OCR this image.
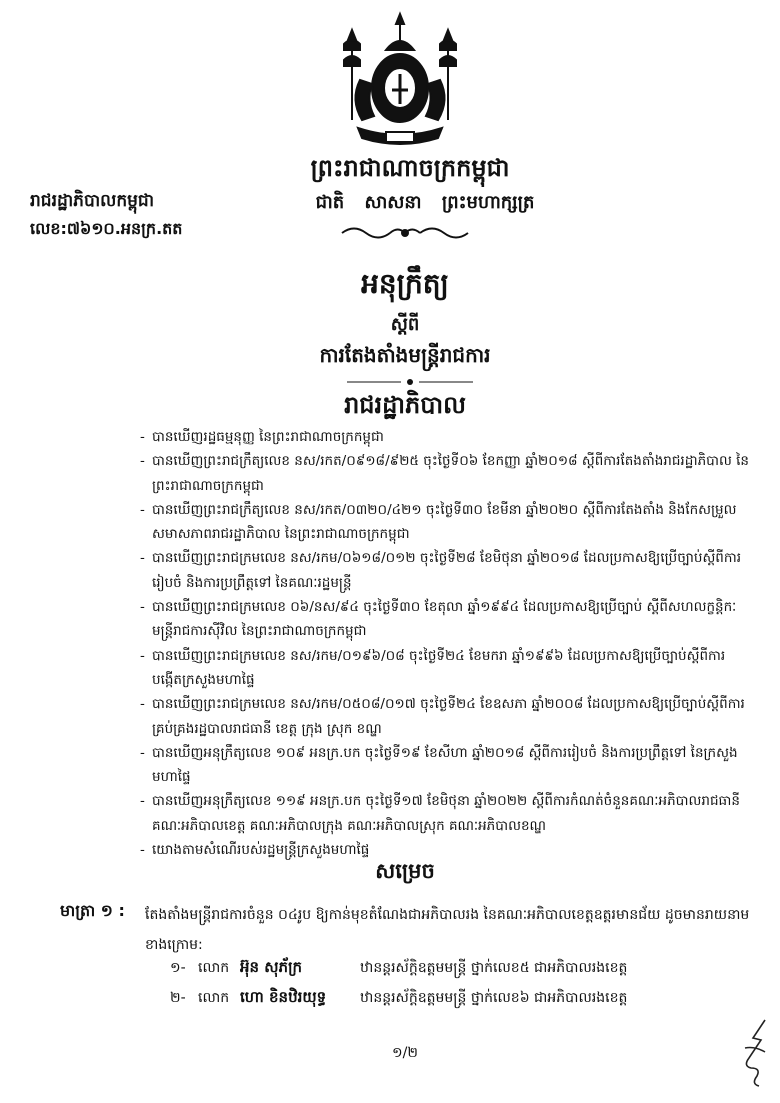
ព្រះរាជាណាចក្រកម្ពុជា
ជាតិ សាសនា ព្រះមហាក្សត្រ
រាជរដ្ឋាភិបាលកម្ពុជា
លេខ:៧៦១០.អនក្រ.តត
អនុក្រឹត្យ
ស្តីពី
ការតែងតាំងមន្ត្រីរាជការ
រាជរដ្ឋាភិបាល
- បានឃើញរដ្ឋធម្មនុញ្ញ នៃព្រះរាជាណាចក្រកម្ពុជា
- បានឃើញព្រះរាជក្រឹត្យលេខ នស/រកត/០៩១៨/៩២៥ ចុះថ្ងៃទី០៦ ខែកញ្ញា ឆ្នាំ២០១៨ ស្តីពីការតែងតាំងរាជរដ្ឋាភិបាល នៃព្រះរាជាណាចក្រកម្ពុជា
- បានឃើញព្រះរាជក្រឹត្យលេខ នស/រកត/០៣២០/៤២១ ចុះថ្ងៃទី៣០ ខែមីនា ឆ្នាំ២០២០ ស្តីពីការតែងតាំង និងកែសម្រួលសមាសភាពរាជរដ្ឋាភិបាល នៃព្រះរាជាណាចក្រកម្ពុជា
- បានឃើញព្រះរាជក្រមលេខ នស/រកម/០៦១៨/០១២ ចុះថ្ងៃទី២៨ ខែមិថុនា ឆ្នាំ២០១៨ ដែលប្រកាសឱ្យប្រើច្បាប់ស្តីពីការរៀបចំ និងការប្រព្រឹត្តទៅ នៃគណៈរដ្ឋមន្ត្រី
- បានឃើញព្រះរាជក្រមលេខ ០៦/នស/៩៤ ចុះថ្ងៃទី៣០ ខែតុលា ឆ្នាំ១៩៩៤ ដែលប្រកាសឱ្យប្រើច្បាប់ ស្តីពីសហលក្ខន្តិកៈមន្ត្រីរាជការស៊ីវិល នៃព្រះរាជាណាចក្រកម្ពុជា
- បានឃើញព្រះរាជក្រមលេខ នស/រកម/០១៩៦/០៨ ចុះថ្ងៃទី២៤ ខែមករា ឆ្នាំ១៩៩៦ ដែលប្រកាសឱ្យប្រើច្បាប់ស្តីពីការបង្កើតក្រសួងមហាផ្ទៃ
- បានឃើញព្រះរាជក្រមលេខ នស/រកម/០៥០៨/០១៧ ចុះថ្ងៃទី២៤ ខែឧសភា ឆ្នាំ២០០៨ ដែលប្រកាសឱ្យប្រើច្បាប់ស្តីពីការគ្រប់គ្រងរដ្ឋបាលរាជធានី ខេត្ត ក្រុង ស្រុក ខណ្ឌ
- បានឃើញអនុក្រឹត្យលេខ ១០៩ អនក្រ.បក ចុះថ្ងៃទី១៩ ខែសីហា ឆ្នាំ២០១៨ ស្តីពីការរៀបចំ និងការប្រព្រឹត្តទៅ នៃក្រសួងមហាផ្ទៃ
- បានឃើញអនុក្រឹត្យលេខ ១១៩ អនក្រ.បក ចុះថ្ងៃទី១៧ ខែមិថុនា ឆ្នាំ២០២២ ស្តីពីការកំណត់ចំនួនគណៈអភិបាលរាជធានី គណៈអភិបាលខេត្ត គណៈអភិបាលក្រុង គណៈអភិបាលស្រុក គណៈអភិបាលខណ្ឌ
- យោងតាមសំណើរបស់រដ្ឋមន្ត្រីក្រសួងមហាផ្ទៃ
សម្រេច
មាត្រា ១ : តែងតាំងមន្ត្រីរាជការចំនួន ០៤រូប ឱ្យកាន់មុខតំណែងជាអភិបាលរង នៃគណៈអភិបាលខេត្តឧត្តរមានជ័យ ដូចមានរាយនាមខាងក្រោម:
១- លោក អ៊ុន សុភ័ក្រ	ឋានន្តរស័ក្តិឧត្តមមន្ត្រី ថ្នាក់លេខ៥ ជាអភិបាលរងខេត្ត
២- លោក ហោ ខិនឋិរយុទ្ធ ឋានន្តរស័ក្តិឧត្តមមន្ត្រី ថ្នាក់លេខ៦ ជាអភិបាលរងខេត្ត
១/២
